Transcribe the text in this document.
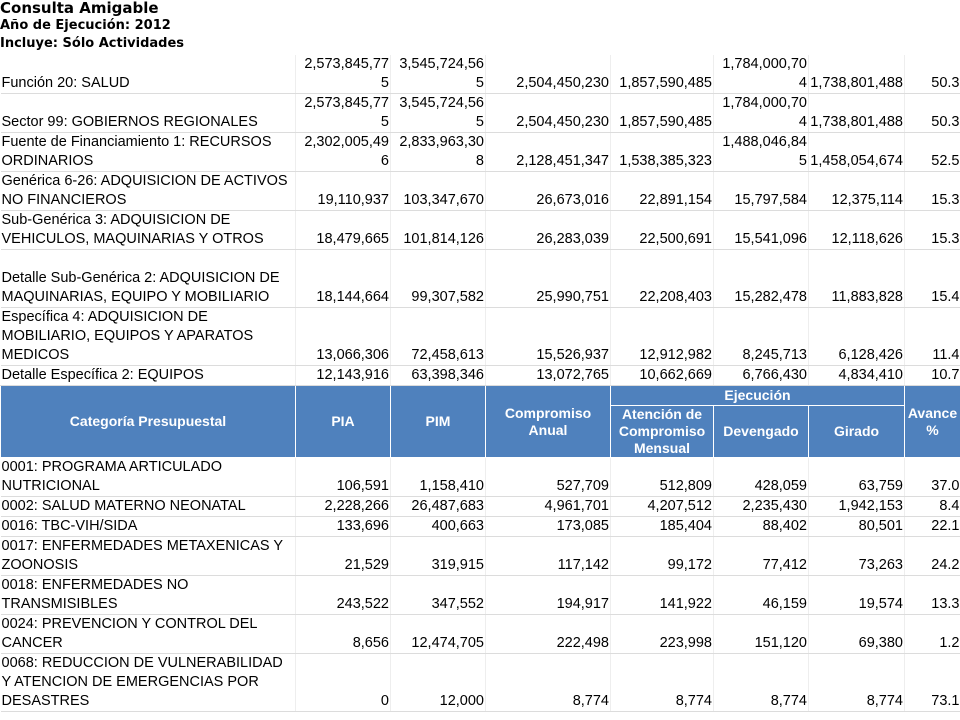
Consulta Amigable
Año de Ejecución: 2012
Incluye: Sólo Actividades
Función 20: SALUD	2,573,845,775	3,545,724,565	2,504,450,230	1,857,590,485	1,784,000,704	1,738,801,488	50.3
Sector 99: GOBIERNOS REGIONALES	2,573,845,775	3,545,724,565	2,504,450,230	1,857,590,485	1,784,000,704	1,738,801,488	50.3
Fuente de Financiamiento 1: RECURSOS ORDINARIOS	2,302,005,496	2,833,963,308	2,128,451,347	1,538,385,323	1,488,046,845	1,458,054,674	52.5
Genérica 6-26: ADQUISICION DE ACTIVOS NO FINANCIEROS	19,110,937	103,347,670	26,673,016	22,891,154	15,797,584	12,375,114	15.3
Sub-Genérica 3: ADQUISICION DE VEHICULOS, MAQUINARIAS Y OTROS	18,479,665	101,814,126	26,283,039	22,500,691	15,541,096	12,118,626	15.3
Detalle Sub-Genérica 2: ADQUISICION DE MAQUINARIAS, EQUIPO Y MOBILIARIO	18,144,664	99,307,582	25,990,751	22,208,403	15,282,478	11,883,828	15.4
Específica 4: ADQUISICION DE MOBILIARIO, EQUIPOS Y APARATOS MEDICOS	13,066,306	72,458,613	15,526,937	12,912,982	8,245,713	6,128,426	11.4
Detalle Específica 2: EQUIPOS	12,143,916	63,398,346	13,072,765	10,662,669	6,766,430	4,834,410	10.7
Categoría Presupuestal	PIA	PIM	Compromiso Anual	Ejecución			Avance %
				Atención de Compromiso Mensual	Devengado	Girado	
0001: PROGRAMA ARTICULADO NUTRICIONAL	106,591	1,158,410	527,709	512,809	428,059	63,759	37.0
0002: SALUD MATERNO NEONATAL	2,228,266	26,487,683	4,961,701	4,207,512	2,235,430	1,942,153	8.4
0016: TBC-VIH/SIDA	133,696	400,663	173,085	185,404	88,402	80,501	22.1
0017: ENFERMEDADES METAXENICAS Y ZOONOSIS	21,529	319,915	117,142	99,172	77,412	73,263	24.2
0018: ENFERMEDADES NO TRANSMISIBLES	243,522	347,552	194,917	141,922	46,159	19,574	13.3
0024: PREVENCION Y CONTROL DEL CANCER	8,656	12,474,705	222,498	223,998	151,120	69,380	1.2
0068: REDUCCION DE VULNERABILIDAD Y ATENCION DE EMERGENCIAS POR DESASTRES	0	12,000	8,774	8,774	8,774	8,774	73.1
